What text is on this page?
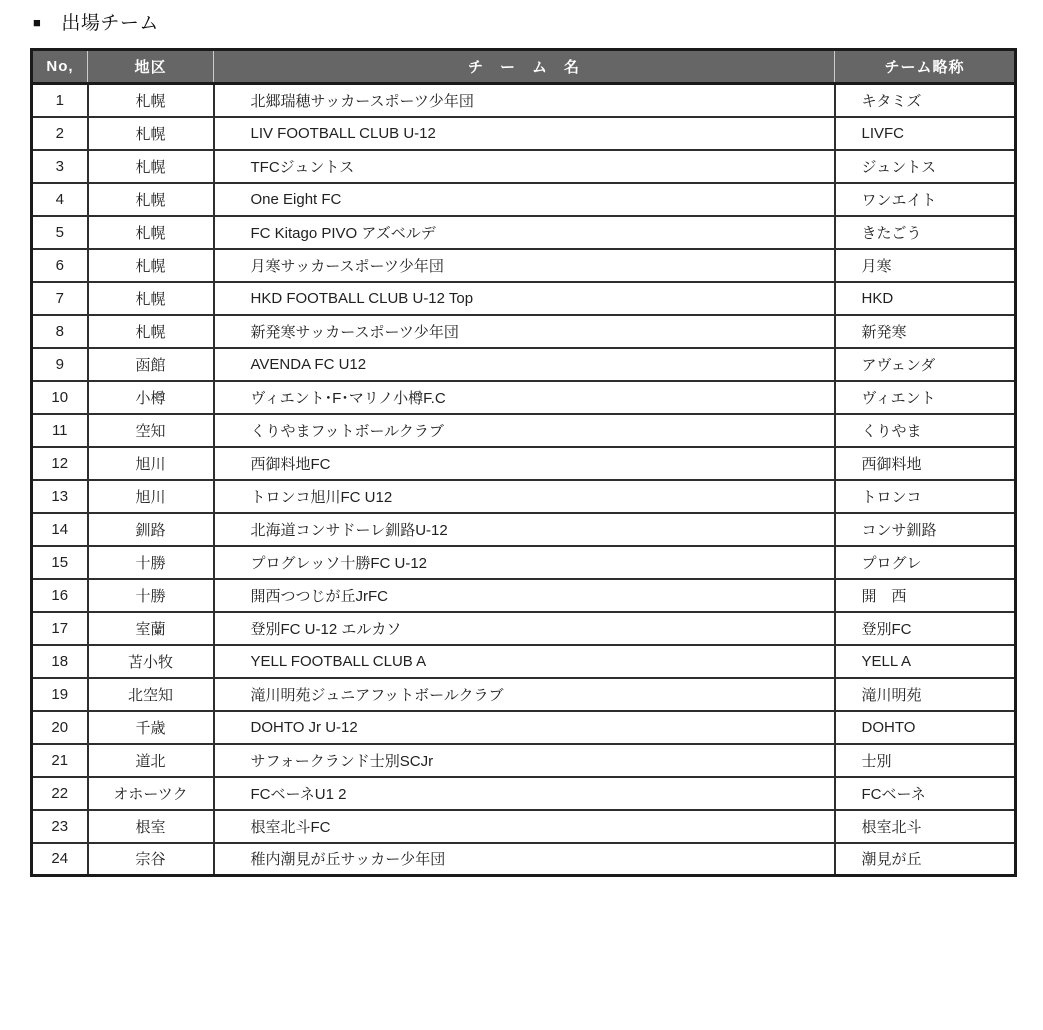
■ 出場チーム
No,	地区	チ　ー　ム　名	チーム略称
1	札幌	北郷瑞穂サッカースポーツ少年団	キタミズ
2	札幌	LIV FOOTBALL CLUB U-12	LIVFC
3	札幌	TFCジュントス	ジュントス
4	札幌	One Eight FC	ワンエイト
5	札幌	FC Kitago PIVO アズベルデ	きたごう
6	札幌	月寒サッカースポーツ少年団	月寒
7	札幌	HKD FOOTBALL CLUB U-12 Top	HKD
8	札幌	新発寒サッカースポーツ少年団	新発寒
9	函館	AVENDA FC U12	アヴェンダ
10	小樽	ヴィエント･F･マリノ小樽F.C	ヴィエント
11	空知	くりやまフットボールクラブ	くりやま
12	旭川	西御料地FC	西御料地
13	旭川	トロンコ旭川FC U12	トロンコ
14	釧路	北海道コンサドーレ釧路U-12	コンサ釧路
15	十勝	プログレッソ十勝FC U-12	プログレ
16	十勝	開西つつじが丘JrFC	開　西
17	室蘭	登別FC U-12 エルカソ	登別FC
18	苫小牧	YELL FOOTBALL CLUB A	YELL A
19	北空知	滝川明苑ジュニアフットボールクラブ	滝川明苑
20	千歳	DOHTO Jr U-12	DOHTO
21	道北	サフォークランド士別SCJr	士別
22	オホーツク	FCベーネU1 2	FCベーネ
23	根室	根室北斗FC	根室北斗
24	宗谷	稚内潮見が丘サッカー少年団	潮見が丘
